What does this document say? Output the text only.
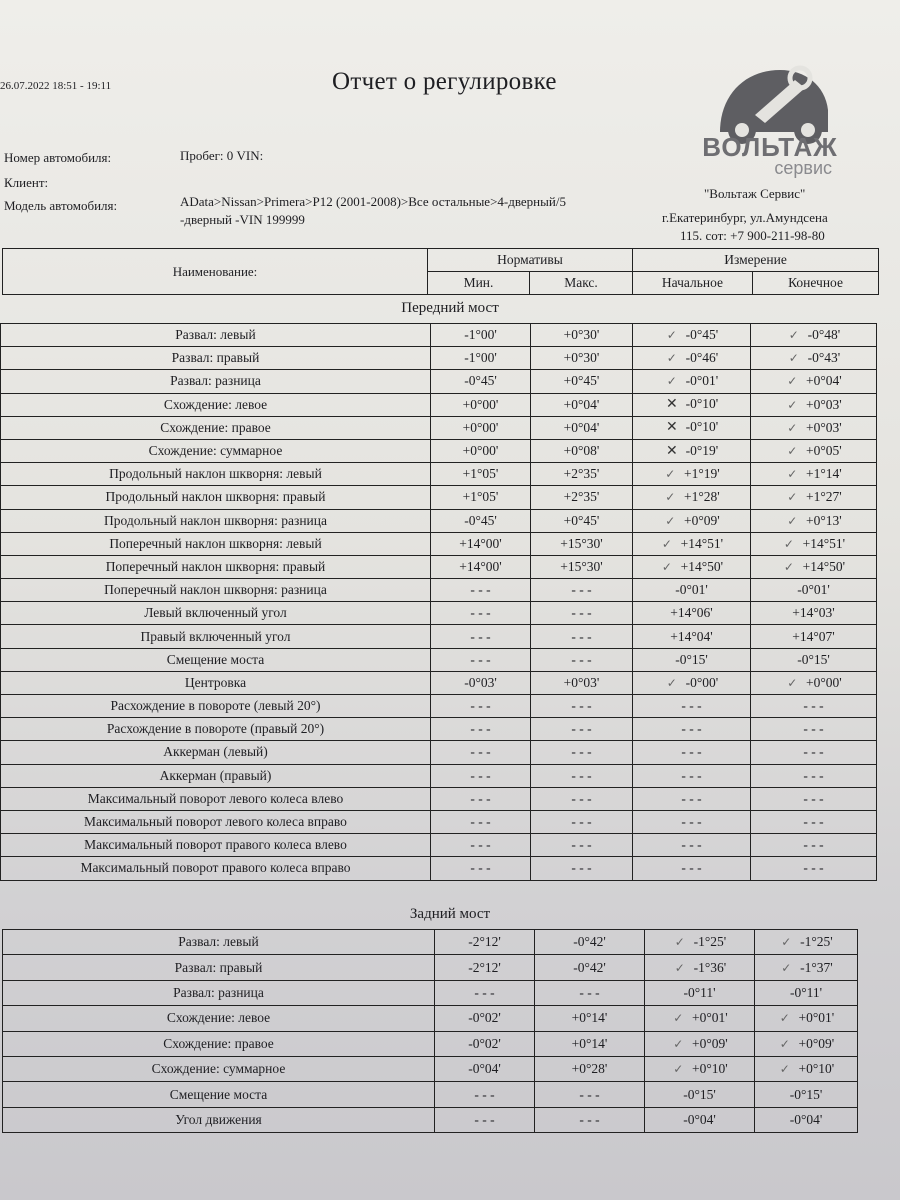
26.07.2022 18:51 - 19:11	Отчет о регулировке
Номер автомобиля:	Пробег: 0 VIN:
Клиент:
Модель автомобиля:	AData>Nissan>Primera>P12 (2001-2008)>Все остальные>4-дверный/5
-дверный -VIN 199999
ВОЛЬТАЖ
сервис
"Вольтаж Сервис"
г.Екатеринбург, ул.Амундсена
115. сот: +7 900-211-98-80
Наименование:	Нормативы		Измерение	
	Мин.	Макс.	Начальное	Конечное
Передний мост
Развал: левый	-1°00'	+0°30'	✓ -0°45'	✓ -0°48'
Развал: правый	-1°00'	+0°30'	✓ -0°46'	✓ -0°43'
Развал: разница	-0°45'	+0°45'	✓ -0°01'	✓ +0°04'
Схождение: левое	+0°00'	+0°04'	✕ -0°10'	✓ +0°03'
Схождение: правое	+0°00'	+0°04'	✕ -0°10'	✓ +0°03'
Схождение: суммарное	+0°00'	+0°08'	✕ -0°19'	✓ +0°05'
Продольный наклон шкворня: левый	+1°05'	+2°35'	✓ +1°19'	✓ +1°14'
Продольный наклон шкворня: правый	+1°05'	+2°35'	✓ +1°28'	✓ +1°27'
Продольный наклон шкворня: разница	-0°45'	+0°45'	✓ +0°09'	✓ +0°13'
Поперечный наклон шкворня: левый	+14°00'	+15°30'	✓ +14°51'	✓ +14°51'
Поперечный наклон шкворня: правый	+14°00'	+15°30'	✓ +14°50'	✓ +14°50'
Поперечный наклон шкворня: разница	- - -	- - -	-0°01'	-0°01'
Левый включенный угол	- - -	- - -	+14°06'	+14°03'
Правый включенный угол	- - -	- - -	+14°04'	+14°07'
Смещение моста	- - -	- - -	-0°15'	-0°15'
Центровка	-0°03'	+0°03'	✓ -0°00'	✓ +0°00'
Расхождение в повороте (левый 20°)	- - -	- - -	- - -	- - -
Расхождение в повороте (правый 20°)	- - -	- - -	- - -	- - -
Аккерман (левый)	- - -	- - -	- - -	- - -
Аккерман (правый)	- - -	- - -	- - -	- - -
Максимальный поворот левого колеса влево	- - -	- - -	- - -	- - -
Максимальный поворот левого колеса вправо	- - -	- - -	- - -	- - -
Максимальный поворот правого колеса влево	- - -	- - -	- - -	- - -
Максимальный поворот правого колеса вправо	- - -	- - -	- - -	- - -
Задний мост
Развал: левый	-2°12'	-0°42'	✓ -1°25'	✓ -1°25'
Развал: правый	-2°12'	-0°42'	✓ -1°36'	✓ -1°37'
Развал: разница	- - -	- - -	-0°11'	-0°11'
Схождение: левое	-0°02'	+0°14'	✓ +0°01'	✓ +0°01'
Схождение: правое	-0°02'	+0°14'	✓ +0°09'	✓ +0°09'
Схождение: суммарное	-0°04'	+0°28'	✓ +0°10'	✓ +0°10'
Смещение моста	- - -	- - -	-0°15'	-0°15'
Угол движения	- - -	- - -	-0°04'	-0°04'
